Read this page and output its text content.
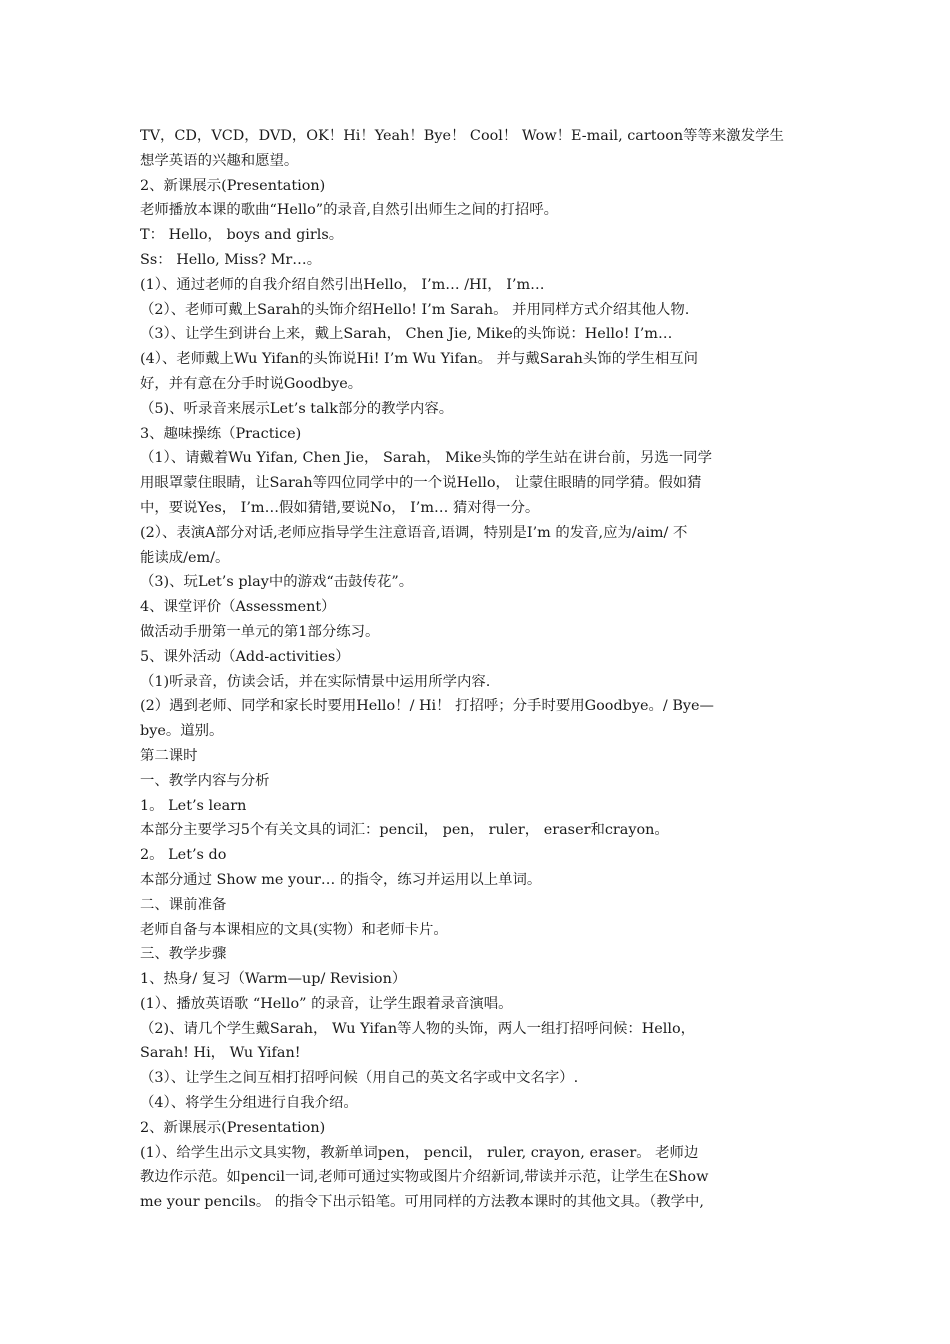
TV，CD，VCD，DVD，OK！Hi！Yeah！Bye！ Cool！ Wow！E-mail, cartoon等等来激发学生
想学英语的兴趣和愿望。
2、新课展示(Presentation)
老师播放本课的歌曲“Hello”的录音,自然引出师生之间的打招呼。
T： Hello， boys and girls。
Ss： Hello, Miss? Mr…。
(1）、通过老师的自我介绍自然引出Hello， I’m… /HI， I’m…
（2）、老师可戴上Sarah的头饰介绍Hello! I’m Sarah。 并用同样方式介绍其他人物.
（3）、让学生到讲台上来，戴上Sarah， Chen Jie, Mike的头饰说：Hello! I’m…
(4）、老师戴上Wu Yifan的头饰说Hi! I’m Wu Yifan。 并与戴Sarah头饰的学生相互问
好，并有意在分手时说Goodbye。
（5)、听录音来展示Let’s talk部分的教学内容。
3、趣味操练（Practice)
（1）、请戴着Wu Yifan, Chen Jie， Sarah， Mike头饰的学生站在讲台前，另选一同学
用眼罩蒙住眼睛，让Sarah等四位同学中的一个说Hello， 让蒙住眼睛的同学猜。假如猜
中，要说Yes， I’m…假如猜错,要说No， I’m… 猜对得一分。
(2）、表演A部分对话,老师应指导学生注意语音,语调，特别是I’m 的发音,应为/aim/ 不
能读成/em/。
（3)、玩Let’s play中的游戏“击鼓传花”。
4、课堂评价（Assessment）
做活动手册第一单元的第1部分练习。
5、课外活动（Add-activities）
（1)听录音，仿读会话，并在实际情景中运用所学内容.
(2）遇到老师、同学和家长时要用Hello！/ Hi！ 打招呼；分手时要用Goodbye。/ Bye—
bye。道别。
第二课时
一、教学内容与分析
1。 Let’s learn
本部分主要学习5个有关文具的词汇：pencil， pen， ruler， eraser和crayon。
2。 Let’s do
本部分通过 Show me your… 的指令，练习并运用以上单词。
二、课前准备
老师自备与本课相应的文具(实物）和老师卡片。
三、教学步骤
1、热身/ 复习（Warm—up/ Revision）
(1）、播放英语歌 “Hello” 的录音，让学生跟着录音演唱。
（2)、请几个学生戴Sarah， Wu Yifan等人物的头饰，两人一组打招呼问候：Hello，
Sarah! Hi， Wu Yifan!
（3）、让学生之间互相打招呼问候（用自己的英文名字或中文名字）.
（4）、将学生分组进行自我介绍。
2、新课展示(Presentation)
(1）、给学生出示文具实物，教新单词pen， pencil， ruler, crayon, eraser。 老师边
教边作示范。如pencil一词,老师可通过实物或图片介绍新词,带读并示范，让学生在Show
me your pencils。 的指令下出示铅笔。可用同样的方法教本课时的其他文具。（教学中,
